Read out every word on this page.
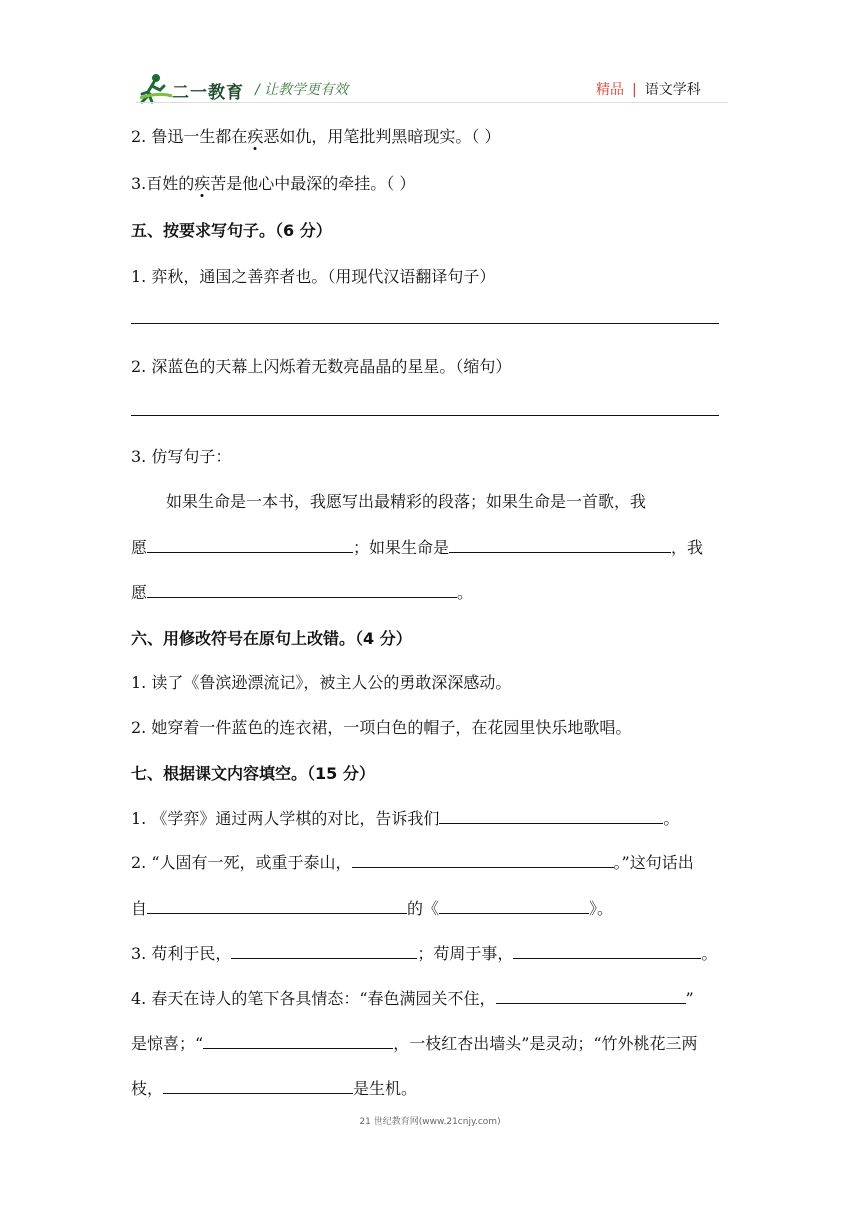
二一教育 / 让教学更有效	精品 | 语文学科
2. 鲁迅一生都在疾恶如仇，用笔批判黑暗现实。（ ）
3.百姓的疾苦是他心中最深的牵挂。（ ）
五、按要求写句子。（6 分）
1. 弈秋，通国之善弈者也。（用现代汉语翻译句子）
2. 深蓝色的天幕上闪烁着无数亮晶晶的星星。（缩句）
3. 仿写句子：
如果生命是一本书，我愿写出最精彩的段落；如果生命是一首歌，我
愿	；如果生命是	，我
愿	。
六、用修改符号在原句上改错。（4 分）
1. 读了《鲁滨逊漂流记》，被主人公的勇敢深深感动。
2. 她穿着一件蓝色的连衣裙，一项白色的帽子，在花园里快乐地歌唱。
七、根据课文内容填空。（15 分）
1. 《学弈》通过两人学棋的对比，告诉我们	。
2. “人固有一死，或重于泰山，	。”这句话出
自	的《	》。
3. 苟利于民，	；苟周于事，	。
4. 春天在诗人的笔下各具情态：“春色满园关不住，	”
是惊喜；“	，一枝红杏出墙头”是灵动；“竹外桃花三两
枝，	是生机。
21 世纪教育网(www.21cnjy.com)
